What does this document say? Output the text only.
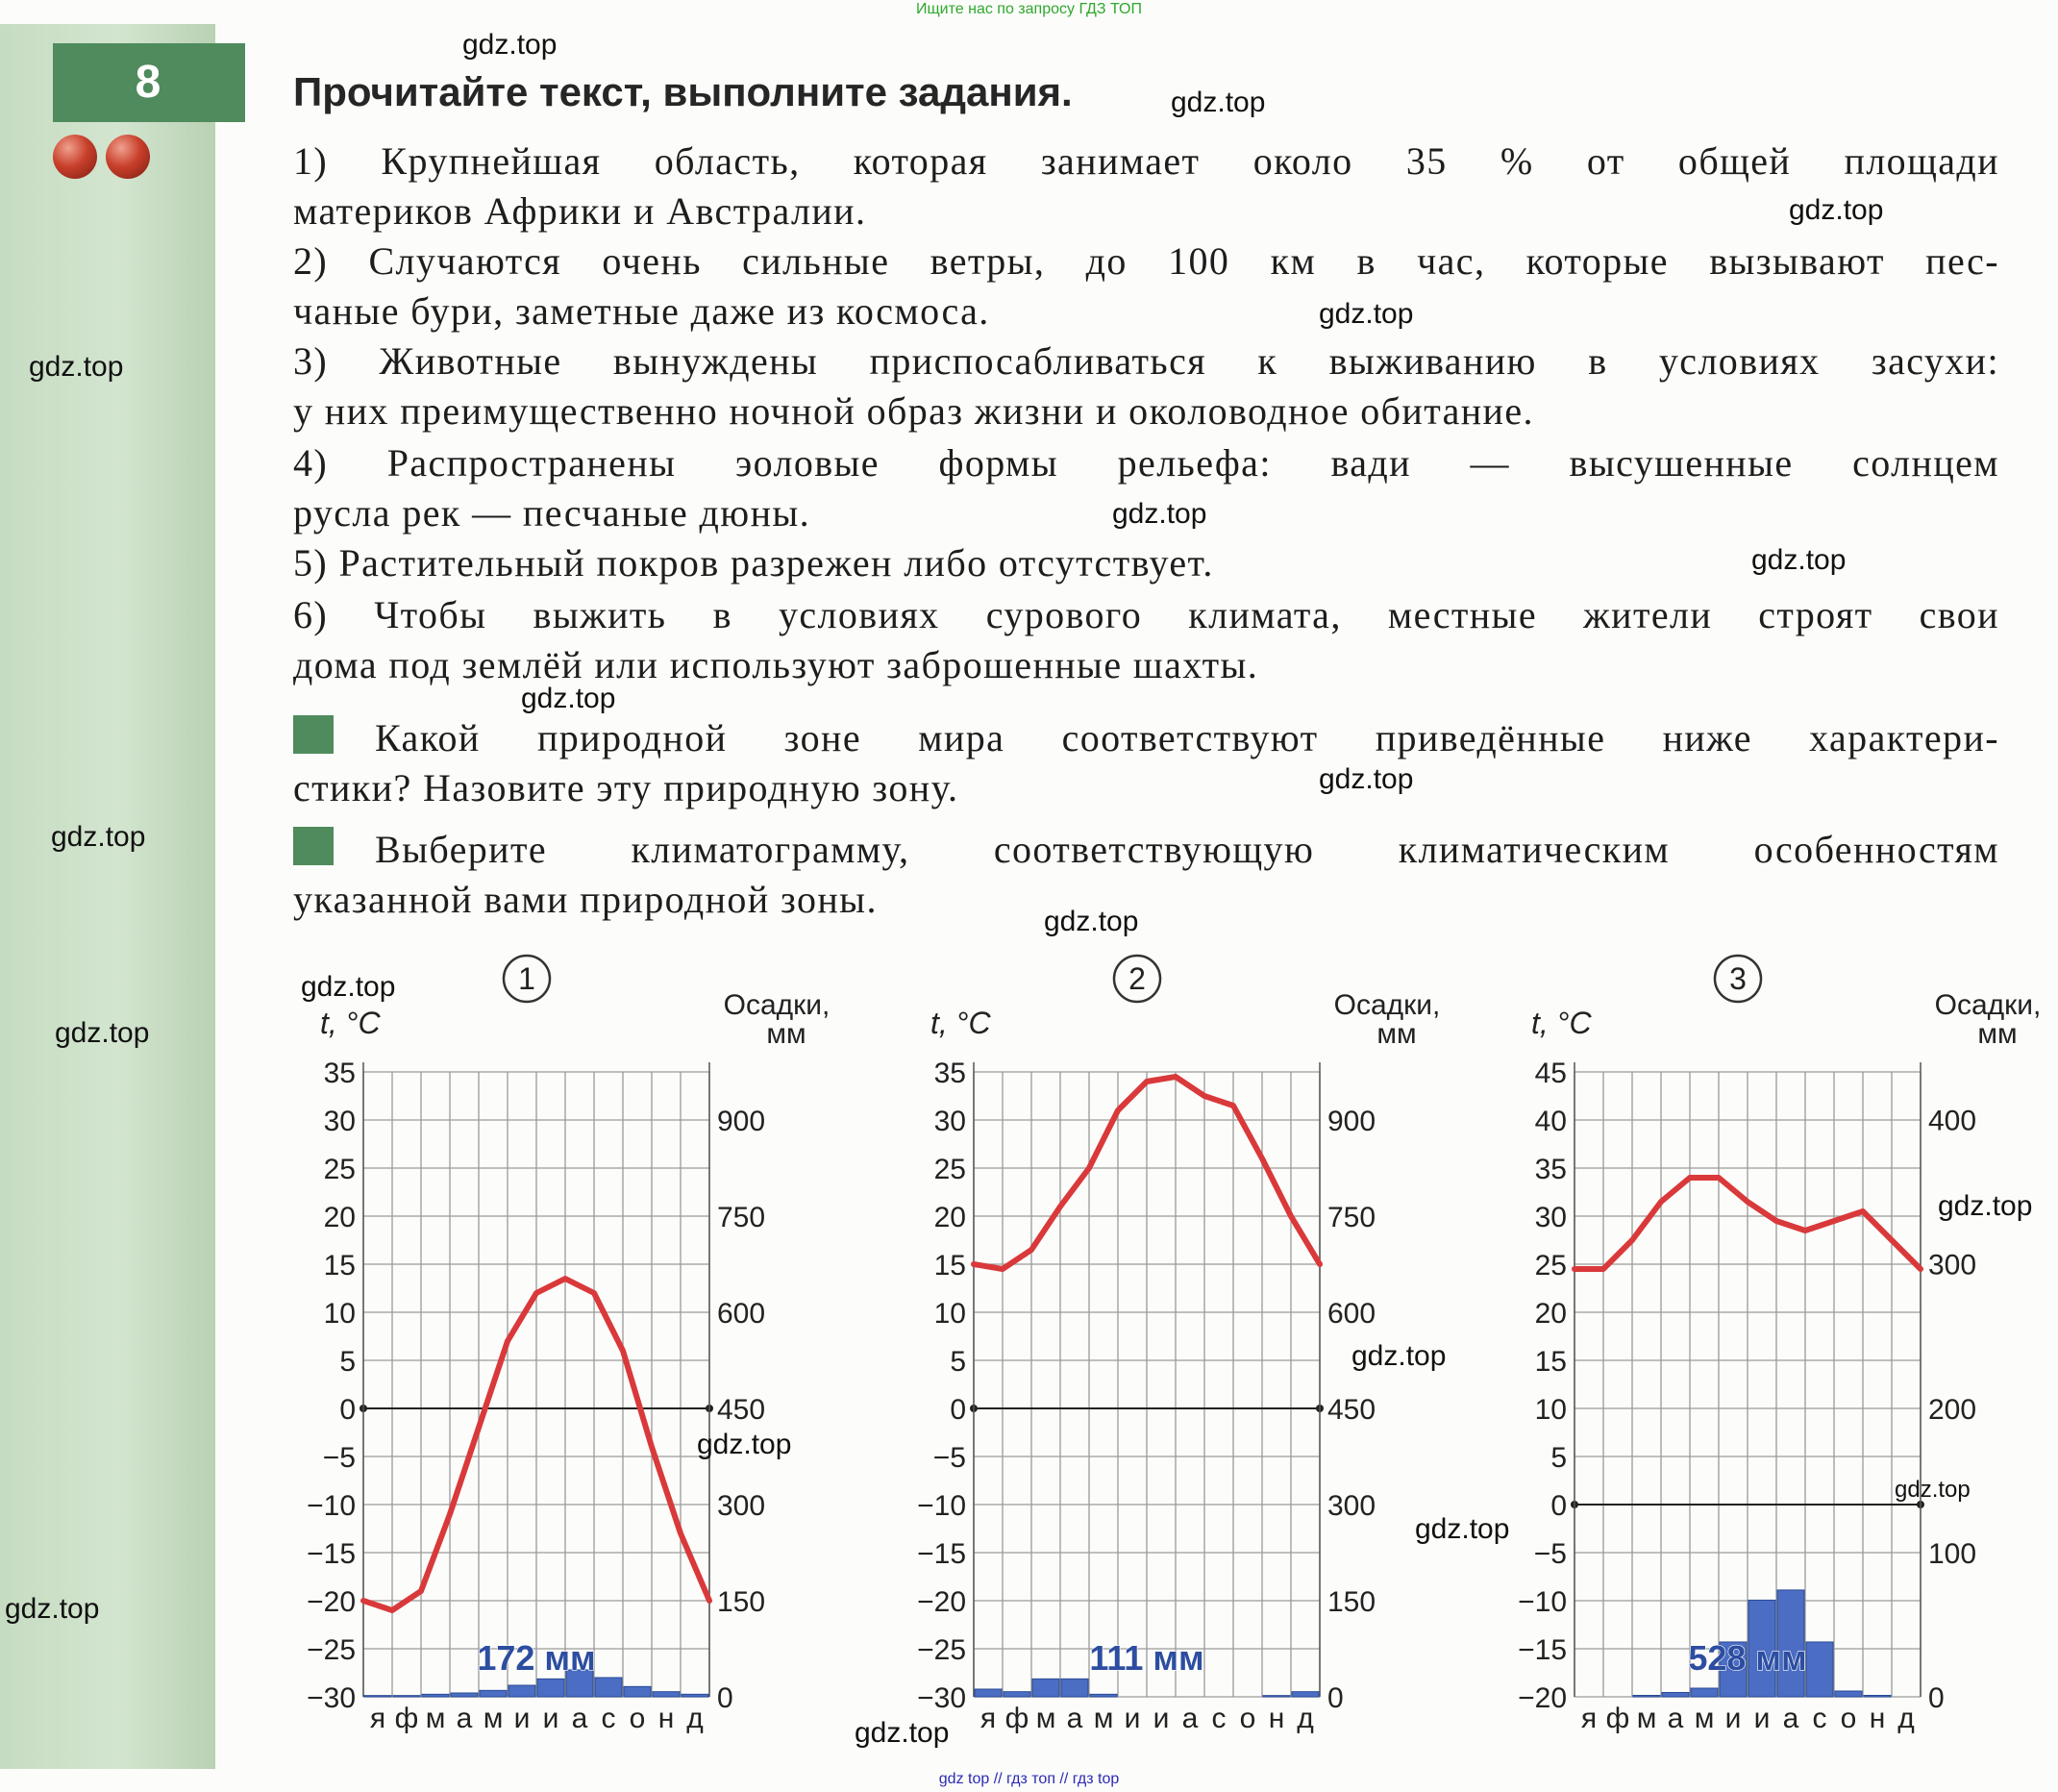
Ищите нас по запросу ГДЗ ТОП
8	Прочитайте текст, выполните задания.
1) Крупнейшая область, которая занимает около 35 % от общей площади
материков Африки и Австралии.
2) Случаются очень сильные ветры, до 100 км в час, которые вызывают пес-
чаные бури, заметные даже из космоса.
3) Животные вынуждены приспосабливаться к выживанию в условиях засухи:
у них преимущественно ночной образ жизни и околоводное обитание.
4) Распространены эоловые формы рельефа: вади — высушенные солнцем
русла рек — песчаные дюны.
5) Растительный покров разрежен либо отсутствует.
6) Чтобы выжить в условиях сурового климата, местные жители строят свои
дома под землёй или используют заброшенные шахты.
Какой природной зоне мира соответствуют приведённые ниже характери-
стики? Назовите эту природную зону.
Выберите климатограмму, соответствующую климатическим особенностям
указанной вами природной зоны.
35
30
25
20
15
10
5
0
−5
−10
−15
−20
−25
−30
900
750
600
450
300
150
0
172 мм
я ф м а м и и а с о н д
t, °C
Осадки,
мм
1
35
30
25
20
15
10
5
0
−5
−10
−15
−20
−25
−30
900
750
600
450
300
150
0
111 мм
я ф м а м и и а с о н д
t, °C
Осадки,
мм
2
45
40
35
30
25
20
15
10
5
0
−5
−10
−15
−20
400
300
200
100
0
528 мм
я ф м а м и и а с о н д
t, °C
Осадки,
мм
3
gdz.top
gdz.top
gdz.top
gdz.top
gdz.top
gdz.top
gdz.top
gdz.top
gdz.top
gdz.top
gdz.top
gdz.top
gdz.top
gdz.top
gdz.top
gdz.top
gdz.top
gdz.top
gdz.top
gdz.top
gdz top // гдз топ // гдз top
